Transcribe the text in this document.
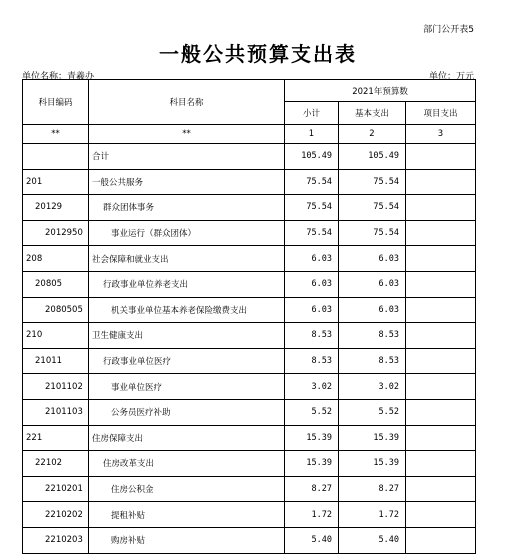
部门公开表5
一般公共预算支出表
单位名称：青羲办	单位：万元
科目编码	科目名称	2021年预算数		
		小计	基本支出	项目支出
**	**	1	2	3
	合计	105.49	105.49	
201	一般公共服务	75.54	75.54	
20129	群众团体事务	75.54	75.54	
2012950	事业运行（群众团体）	75.54	75.54	
208	社会保障和就业支出	6.03	6.03	
20805	行政事业单位养老支出	6.03	6.03	
2080505	机关事业单位基本养老保险缴费支出	6.03	6.03	
210	卫生健康支出	8.53	8.53	
21011	行政事业单位医疗	8.53	8.53	
2101102	事业单位医疗	3.02	3.02	
2101103	公务员医疗补助	5.52	5.52	
221	住房保障支出	15.39	15.39	
22102	住房改革支出	15.39	15.39	
2210201	住房公积金	8.27	8.27	
2210202	提租补贴	1.72	1.72	
2210203	购房补贴	5.40	5.40	
